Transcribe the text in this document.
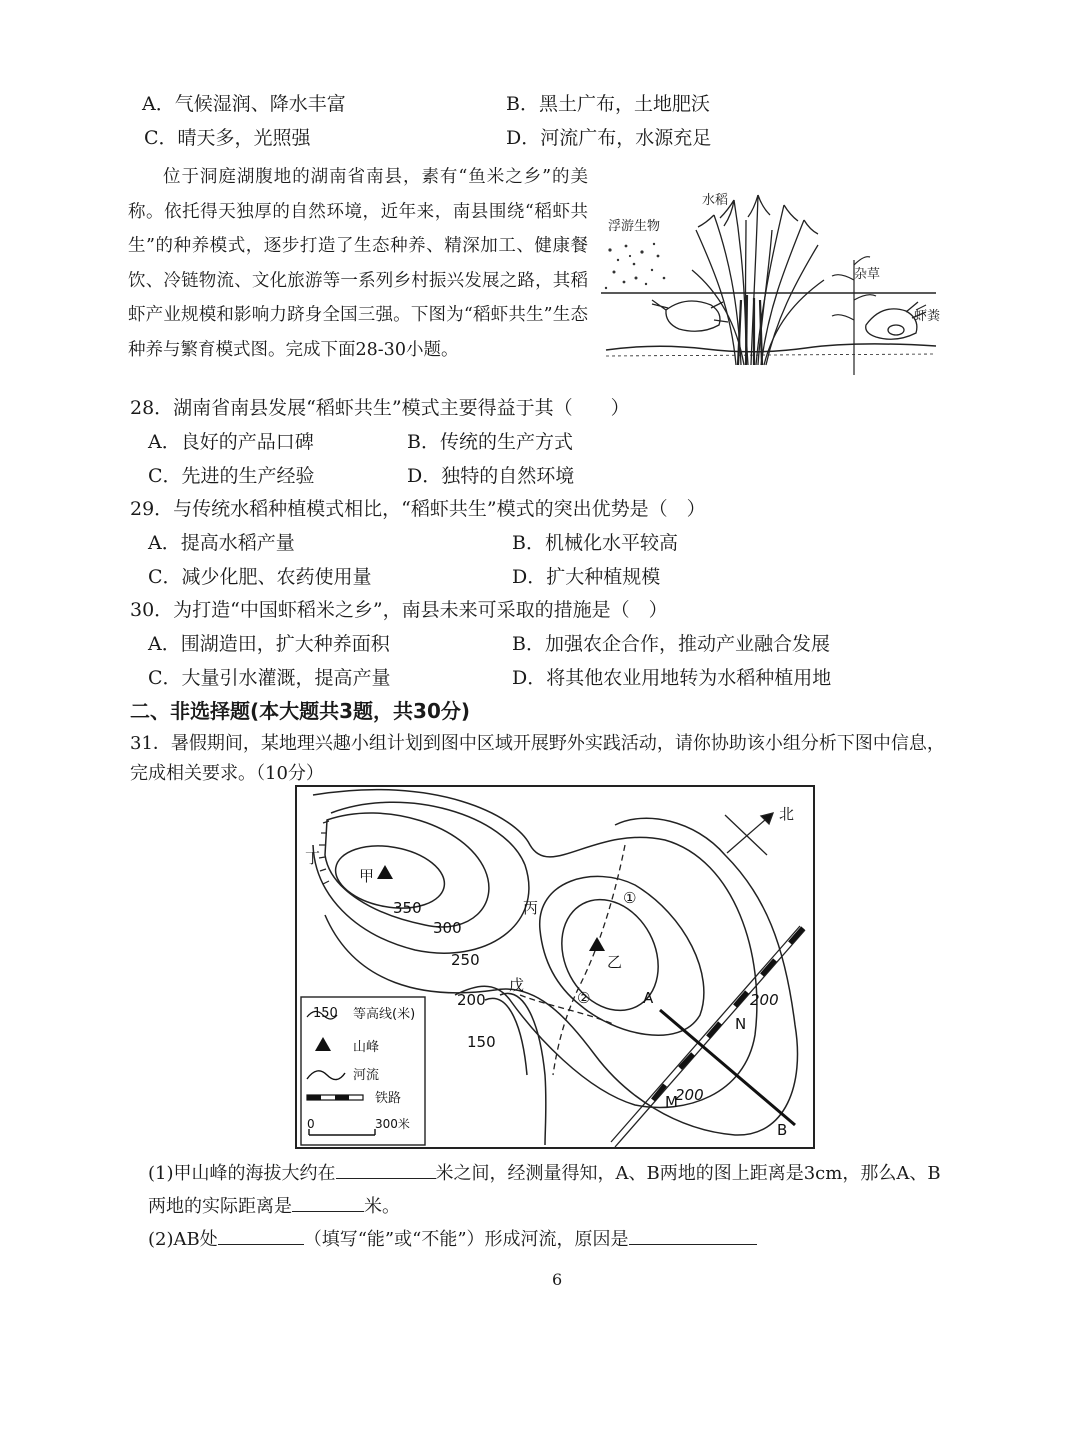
A．气候湿润、降水丰富	B．黑土广布，土地肥沃
C．晴天多，光照强	D．河流广布，水源充足
位于洞庭湖腹地的湖南省南县，素有“鱼米之乡”的美称。依托得天独厚的自然环境，近年来，南县围绕“稻虾共生”的种养模式，逐步打造了生态种养、精深加工、健康餐饮、冷链物流、文化旅游等一系列乡村振兴发展之路，其稻虾产业规模和影响力跻身全国三强。下图为“稻虾共生”生态种养与繁育模式图。完成下面28-30小题。
水稻
浮游生物
杂草
虾粪
28．湖南省南县发展“稻虾共生”模式主要得益于其（　　）
A．良好的产品口碑	B．传统的生产方式
C．先进的生产经验	D．独特的自然环境
29．与传统水稻种植模式相比，“稻虾共生”模式的突出优势是（　）
A．提高水稻产量	B．机械化水平较高
C．减少化肥、农药使用量	D．扩大种植规模
30．为打造“中国虾稻米之乡”，南县未来可采取的措施是（　）
A．围湖造田，扩大种养面积	B．加强农企合作，推动产业融合发展
C．大量引水灌溉，提高产量	D．将其他农业用地转为水稻种植用地
二、非选择题(本大题共3题，共30分)
31．暑假期间，某地理兴趣小组计划到图中区域开展野外实践活动，请你协助该小组分析下图中信息，
完成相关要求。（10分）
北
甲
乙
丙
丁
戊
A
B
M
N
①
②
350
300
250
200
150
200
200
150 等高线(米)
山峰
河流
铁路
0	300米
(1)甲山峰的海拔大约在	米之间，经测量得知，A、B两地的图上距离是3cm，那么A、B
两地的实际距离是	米。
(2)AB处	（填写“能”或“不能”）形成河流，原因是
6
